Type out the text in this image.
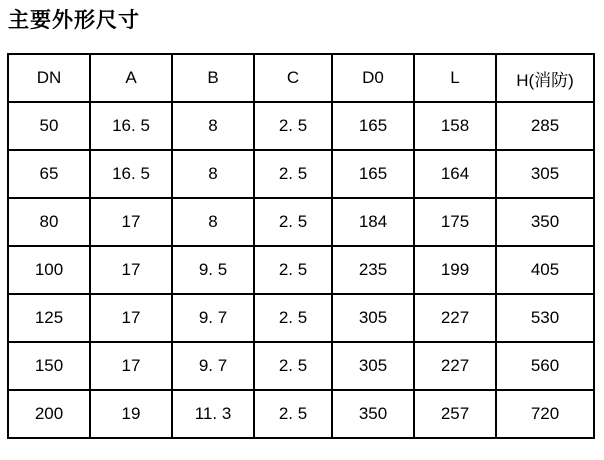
主要外形尺寸
DN	A	B	C	D0	L	H(消防)
50	16. 5	8	2. 5	165	158	285
65	16. 5	8	2. 5	165	164	305
80	17	8	2. 5	184	175	350
100	17	9. 5	2. 5	235	199	405
125	17	9. 7	2. 5	305	227	530
150	17	9. 7	2. 5	305	227	560
200	19	11. 3	2. 5	350	257	720
